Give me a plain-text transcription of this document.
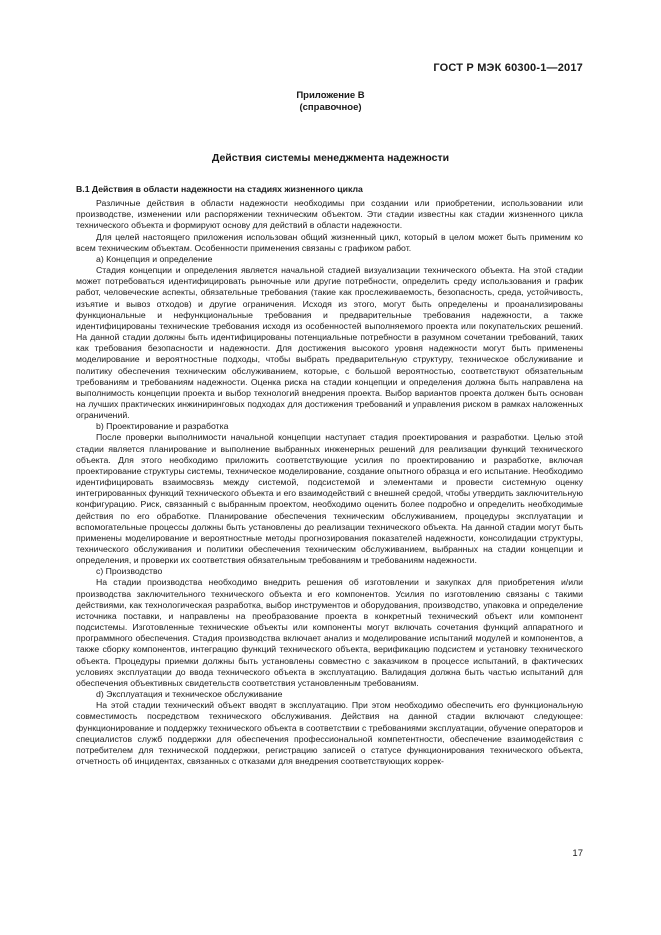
ГОСТ Р МЭК 60300-1—2017
Приложение В
(справочное)
Действия системы менеджмента надежности

В.1 Действия в области надежности на стадиях жизненного цикла

Различные действия в области надежности необходимы при создании или приобретении, использовании или производстве, изменении или распоряжении техническим объектом. Эти стадии известны как стадии жизненного цикла технического объекта и формируют основу для действий в области надежности.

Для целей настоящего приложения использован общий жизненный цикл, который в целом может быть применим ко всем техническим объектам. Особенности применения связаны с графиком работ.

a) Концепция и определение

Стадия концепции и определения является начальной стадией визуализации технического объекта. На этой стадии может потребоваться идентифицировать рыночные или другие потребности, определить среду использования и график работ, человеческие аспекты, обязательные требования (такие как прослеживаемость, безопасность, среда, устойчивость, изъятие и вывоз отходов) и другие ограничения. Исходя из этого, могут быть определены и проанализированы функциональные и нефункциональные требования и предварительные требования надежности, а также идентифицированы технические требования исходя из особенностей выполняемого проекта или покупательских решений. На данной стадии должны быть идентифицированы потенциальные потребности в разумном сочетании требований, таких как требования безопасности и надежности. Для достижения высокого уровня надежности могут быть применены моделирование и вероятностные подходы, чтобы выбрать предварительную структуру, техническое обслуживание и политику обеспечения техническим обслуживанием, которые, с большой вероятностью, соответствуют обязательным требованиям и требованиям надежности. Оценка риска на стадии концепции и определения должна быть направлена на выполнимость концепции проекта и выбор технологий внедрения проекта. Выбор вариантов проекта должен быть основан на лучших практических инжиниринговых подходах для достижения требований и управления риском в рамках наложенных ограничений.

b) Проектирование и разработка

После проверки выполнимости начальной концепции наступает стадия проектирования и разработки. Целью этой стадии является планирование и выполнение выбранных инженерных решений для реализации функций технического объекта. Для этого необходимо приложить соответствующие усилия по проектированию и разработке, включая проектирование структуры системы, техническое моделирование, создание опытного образца и его испытание. Необходимо идентифицировать взаимосвязь между системой, подсистемой и элементами и провести системную оценку интегрированных функций технического объекта и его взаимодействий с внешней средой, чтобы утвердить заключительную конфигурацию. Риск, связанный с выбранным проектом, необходимо оценить более подробно и определить необходимые действия по его обработке. Планирование обеспечения техническим обслуживанием, процедуры эксплуатации и вспомогательные процессы должны быть установлены до реализации технического объекта. На данной стадии могут быть применены моделирование и вероятностные методы прогнозирования показателей надежности, консолидации структуры, технического обслуживания и политики обеспечения техническим обслуживанием, выбранных на стадии концепции и определения, и проверки их соответствия обязательным требованиям и требованиям надежности.

c) Производство

На стадии производства необходимо внедрить решения об изготовлении и закупках для приобретения и/или производства заключительного технического объекта и его компонентов. Усилия по изготовлению связаны с такими действиями, как технологическая разработка, выбор инструментов и оборудования, производство, упаковка и определение источника поставки, и направлены на преобразование проекта в конкретный технический объект или компонент подсистемы. Изготовленные технические объекты или компоненты могут включать сочетания функций аппаратного и программного обеспечения. Стадия производства включает анализ и моделирование испытаний модулей и компонентов, а также сборку компонентов, интеграцию функций технического объекта, верификацию подсистем и установку технического объекта. Процедуры приемки должны быть установлены совместно с заказчиком в процессе испытаний, в фактических условиях эксплуатации до ввода технического объекта в эксплуатацию. Валидация должна быть частью испытаний для обеспечения объективных свидетельств соответствия установленным требованиям.

d) Эксплуатация и техническое обслуживание

На этой стадии технический объект вводят в эксплуатацию. При этом необходимо обеспечить его функциональную совместимость посредством технического обслуживания. Действия на данной стадии включают следующее: функционирование и поддержку технического объекта в соответствии с требованиями эксплуатации, обучение операторов и специалистов служб поддержки для обеспечения профессиональной компетентности, обеспечение взаимодействия с потребителем для технической поддержки, регистрацию записей о статусе функционирования технического объекта, отчетность об инцидентах, связанных с отказами для внедрения соответствующих коррек-

17
